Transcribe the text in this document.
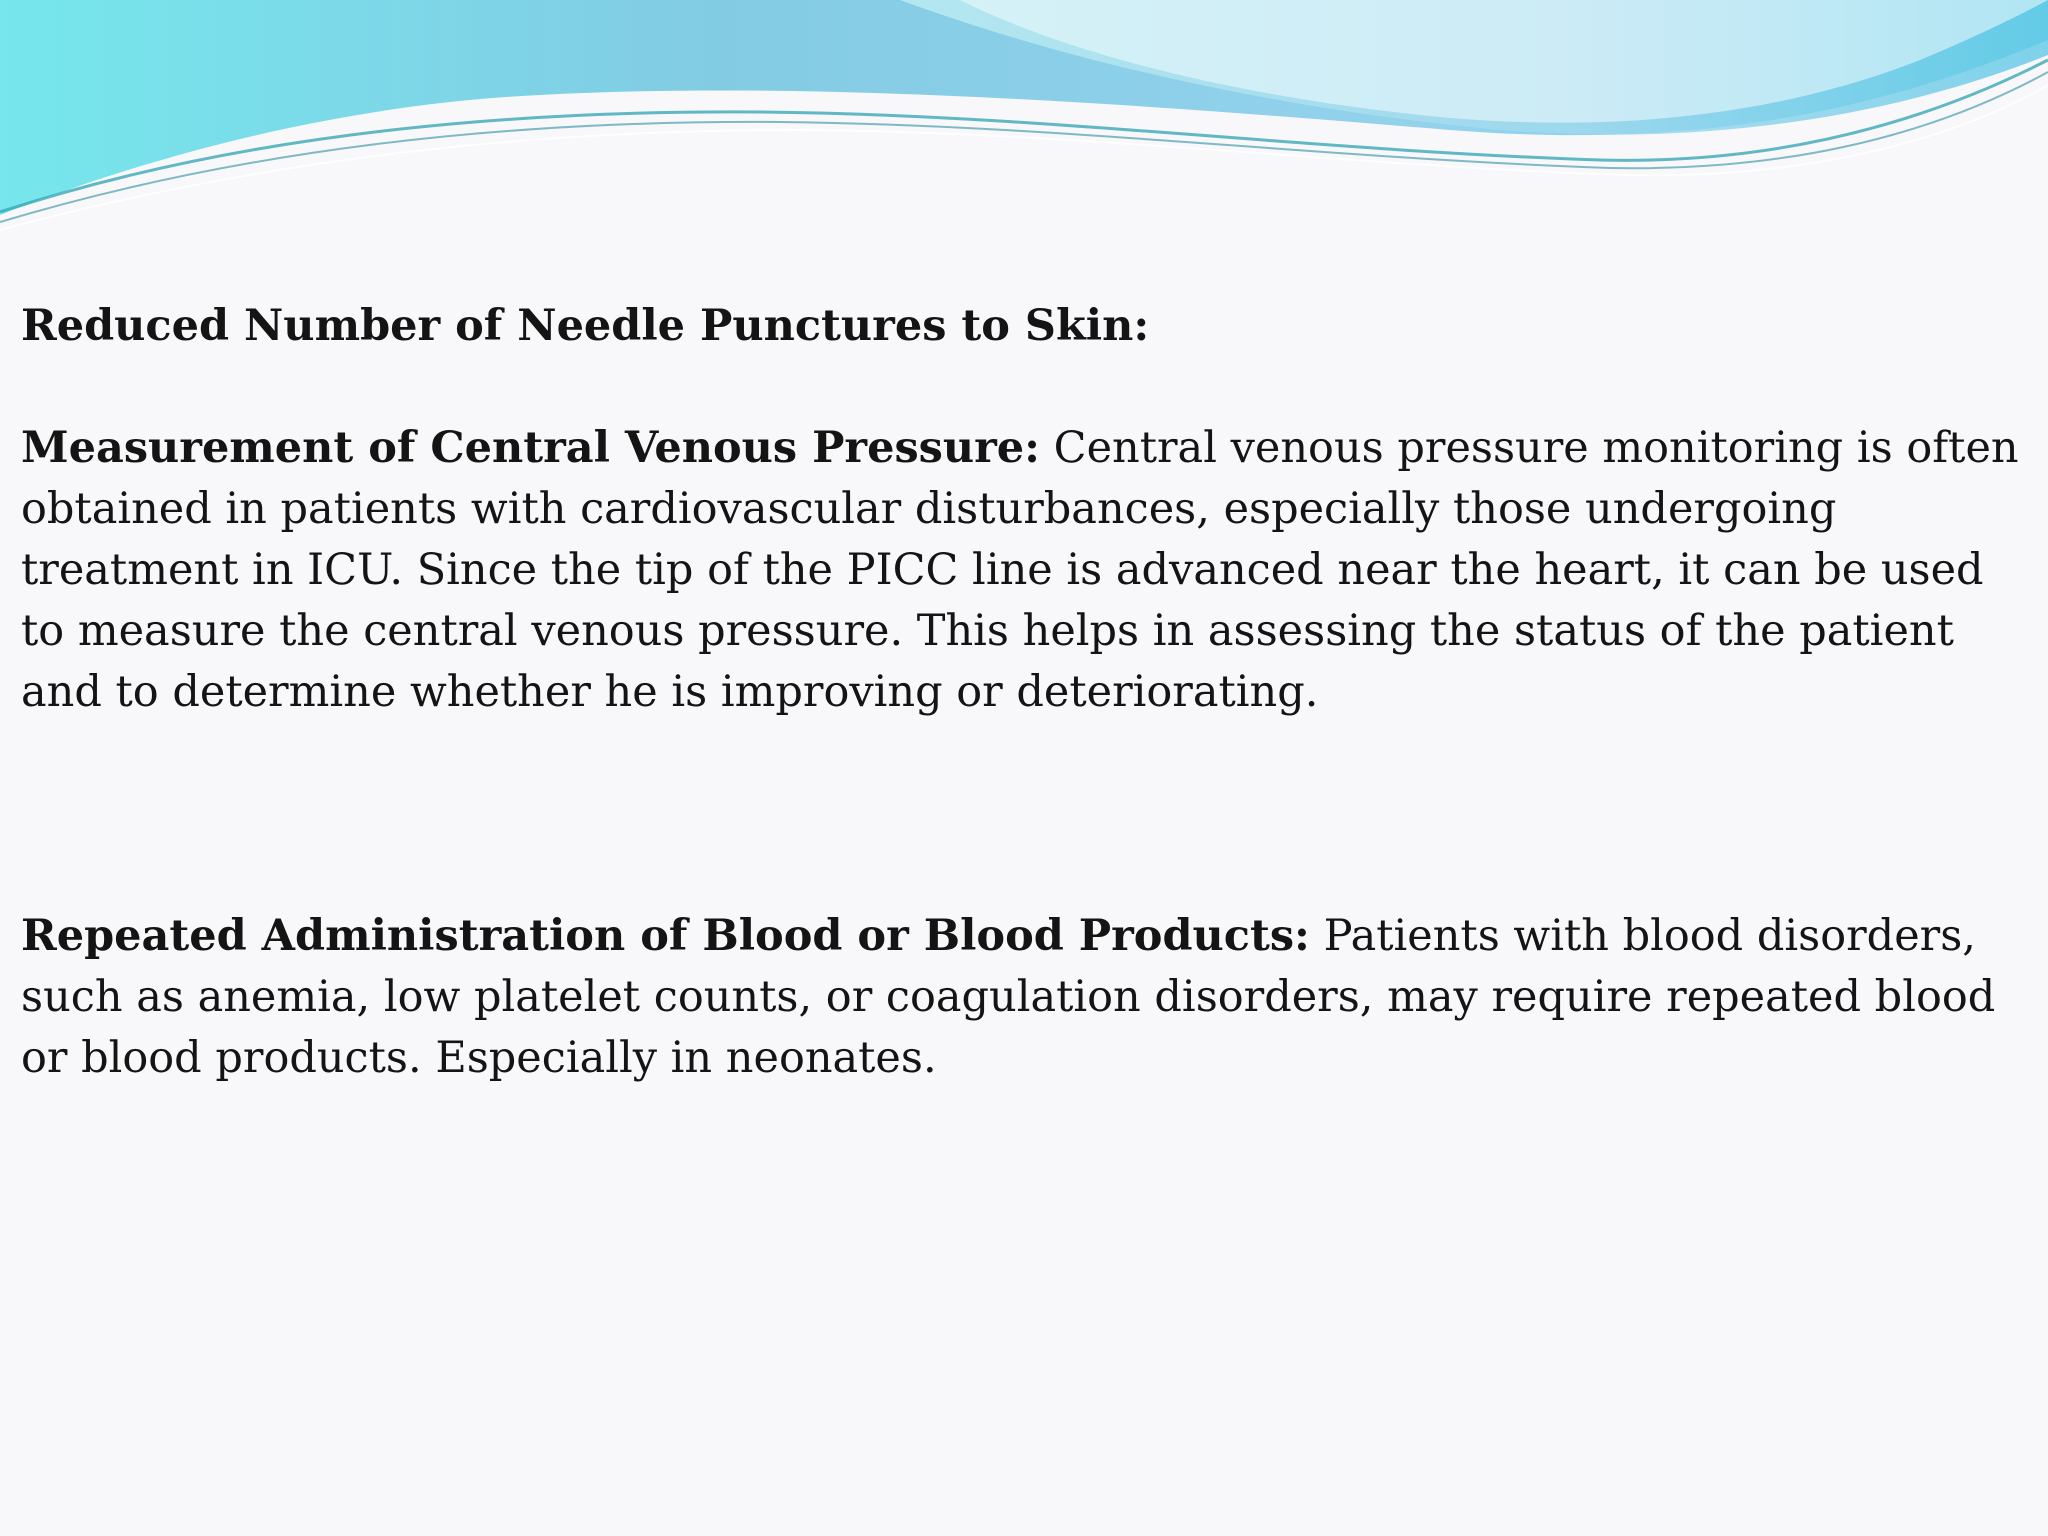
Reduced Number of Needle Punctures to Skin:

Measurement of Central Venous Pressure: Central venous pressure monitoring is often obtained in patients with cardiovascular disturbances, especially those undergoing treatment in ICU. Since the tip of the PICC line is advanced near the heart, it can be used to measure the central venous pressure. This helps in assessing the status of the patient and to determine whether he is improving or deteriorating.

Repeated Administration of Blood or Blood Products: Patients with blood disorders, such as anemia, low platelet counts, or coagulation disorders, may require repeated blood or blood products. Especially in neonates.
